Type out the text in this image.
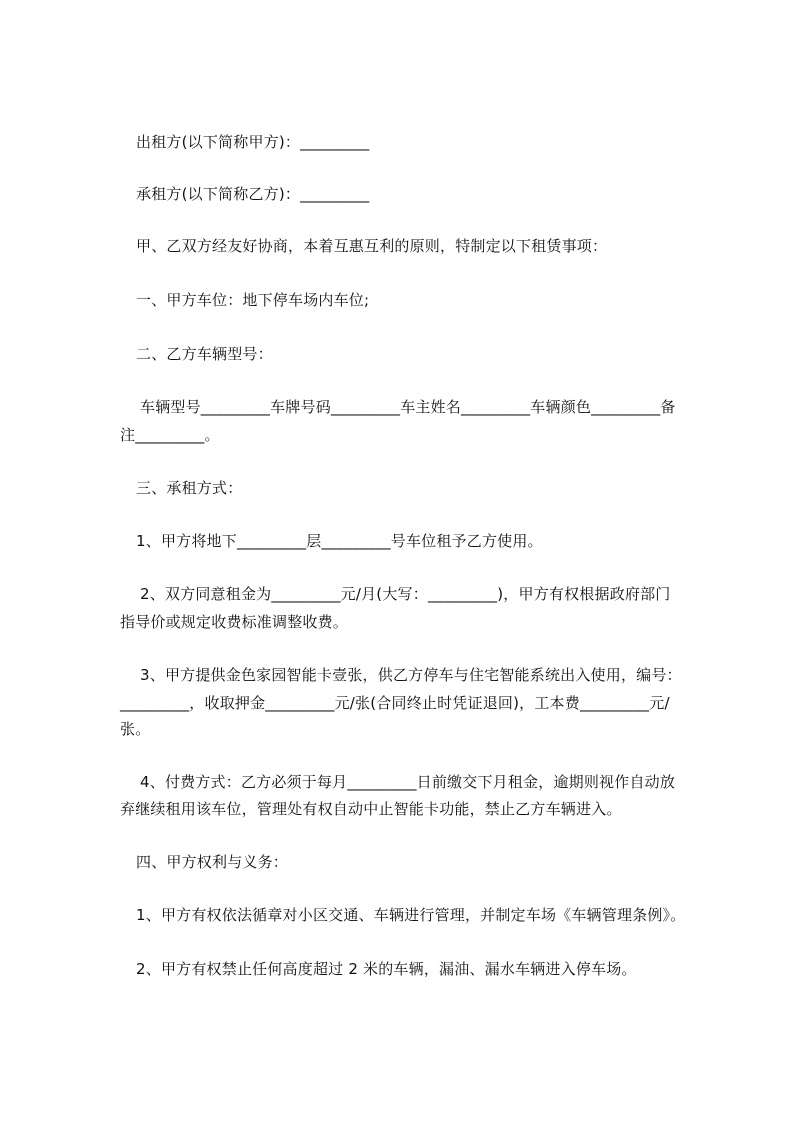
出租方(以下简称甲方)：_________

承租方(以下简称乙方)：_________

甲、乙双方经友好协商，本着互惠互利的原则，特制定以下租赁事项：

一、甲方车位：地下停车场内车位;

二、乙方车辆型号：

车辆型号_________车牌号码_________车主姓名_________车辆颜色_________备

注_________。

三、承租方式：

1、甲方将地下_________层_________号车位租予乙方使用。

2、双方同意租金为_________元/月(大写：_________)，甲方有权根据政府部门

指导价或规定收费标准调整收费。

3、甲方提供金色家园智能卡壹张，供乙方停车与住宅智能系统出入使用，编号：

_________，收取押金_________元/张(合同终止时凭证退回)，工本费_________元/

张。

4、付费方式：乙方必须于每月_________日前缴交下月租金，逾期则视作自动放

弃继续租用该车位，管理处有权自动中止智能卡功能，禁止乙方车辆进入。

四、甲方权利与义务：

1、甲方有权依法循章对小区交通、车辆进行管理，并制定车场《车辆管理条例》。

2、甲方有权禁止任何高度超过 2 米的车辆，漏油、漏水车辆进入停车场。
